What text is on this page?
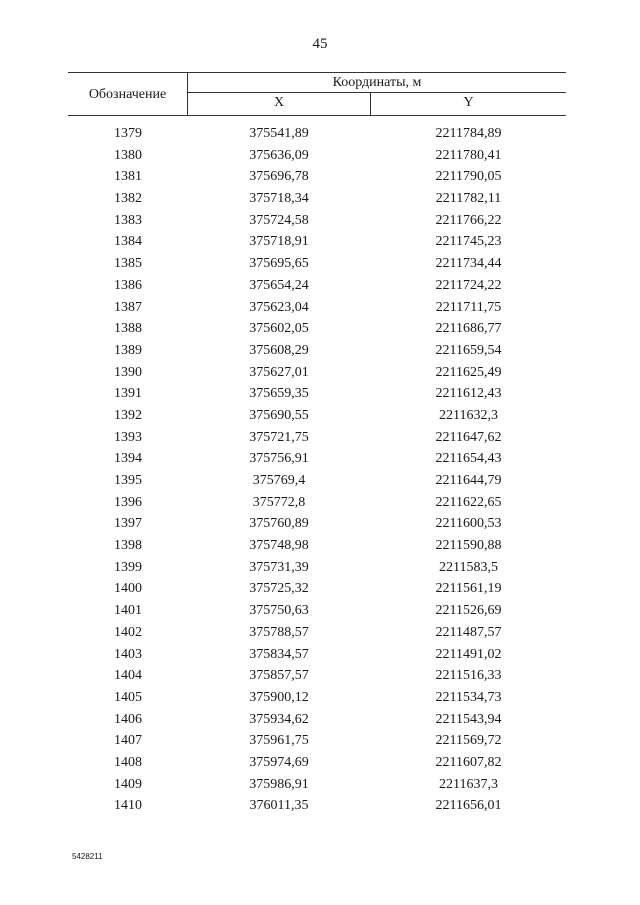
45
Обозначение
Координаты, м
X	Y
1379	375541,89	2211784,89
1380	375636,09	2211780,41
1381	375696,78	2211790,05
1382	375718,34	2211782,11
1383	375724,58	2211766,22
1384	375718,91	2211745,23
1385	375695,65	2211734,44
1386	375654,24	2211724,22
1387	375623,04	2211711,75
1388	375602,05	2211686,77
1389	375608,29	2211659,54
1390	375627,01	2211625,49
1391	375659,35	2211612,43
1392	375690,55	2211632,3
1393	375721,75	2211647,62
1394	375756,91	2211654,43
1395	375769,4	2211644,79
1396	375772,8	2211622,65
1397	375760,89	2211600,53
1398	375748,98	2211590,88
1399	375731,39	2211583,5
1400	375725,32	2211561,19
1401	375750,63	2211526,69
1402	375788,57	2211487,57
1403	375834,57	2211491,02
1404	375857,57	2211516,33
1405	375900,12	2211534,73
1406	375934,62	2211543,94
1407	375961,75	2211569,72
1408	375974,69	2211607,82
1409	375986,91	2211637,3
1410	376011,35	2211656,01
5428211
